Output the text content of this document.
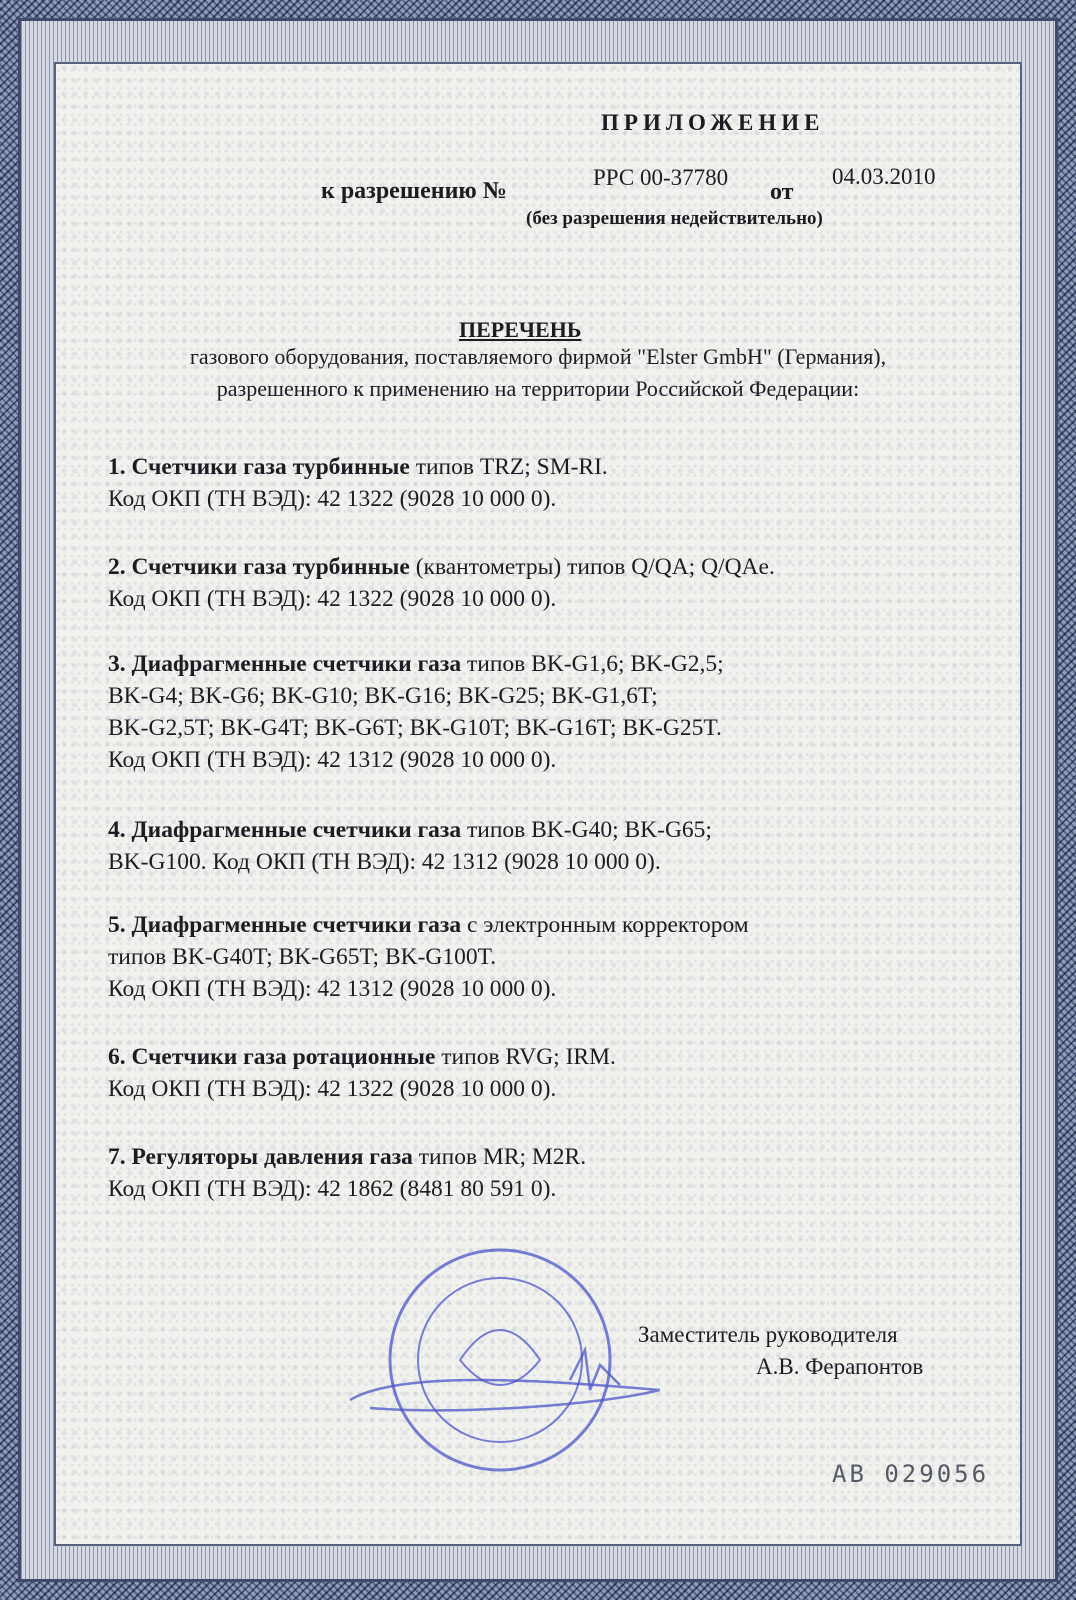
ПРИЛОЖЕНИЕ
к разрешению №
РРС 00-37780
от
04.03.2010
(без разрешения недействительно)
ПЕРЕЧЕНЬ
газового оборудования, поставляемого фирмой "Elster GmbH" (Германия),
разрешенного к применению на территории Российской Федерации:
1. Счетчики газа турбинные типов TRZ; SM-RI.
Код ОКП (ТН ВЭД): 42 1322 (9028 10 000 0).
2. Счетчики газа турбинные (квантометры) типов Q/QA; Q/QAe.
Код ОКП (ТН ВЭД): 42 1322 (9028 10 000 0).
3. Диафрагменные счетчики газа типов BK-G1,6; BK-G2,5;
BK-G4; BK-G6; BK-G10; BK-G16; BK-G25; BK-G1,6T;
BK-G2,5T; BK-G4T; BK-G6T; BK-G10T; BK-G16T; BK-G25T.
Код ОКП (ТН ВЭД): 42 1312 (9028 10 000 0).
4. Диафрагменные счетчики газа типов BK-G40; BK-G65;
BK-G100. Код ОКП (ТН ВЭД): 42 1312 (9028 10 000 0).
5. Диафрагменные счетчики газа с электронным корректором
типов BK-G40T; BK-G65T; BK-G100T.
Код ОКП (ТН ВЭД): 42 1312 (9028 10 000 0).
6. Счетчики газа ротационные типов RVG; IRM.
Код ОКП (ТН ВЭД): 42 1322 (9028 10 000 0).
7. Регуляторы давления газа типов MR; M2R.
Код ОКП (ТН ВЭД): 42 1862 (8481 80 591 0).
Заместитель руководителя
А.В. Ферапонтов
АВ 029056
